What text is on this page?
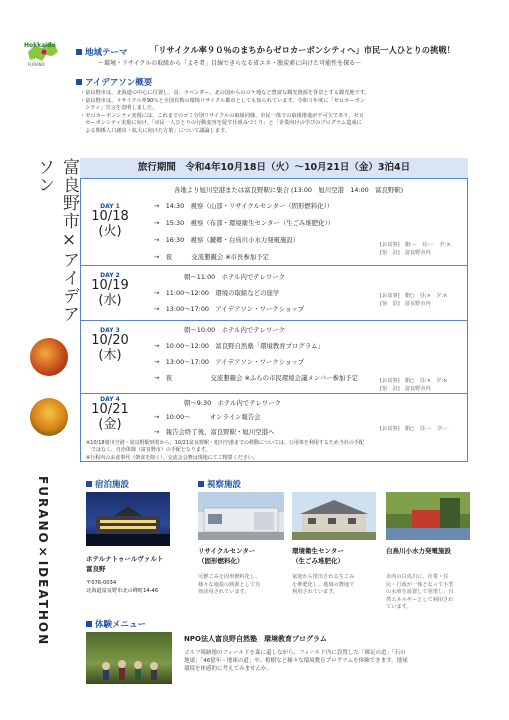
Hokkaido
FURANO
地域テーマ	「リサイクル率９０％のまちからゼロカーボンシティへ」市民一人ひとりの挑戦！
～環境・リサイクルの取組から「よそ者」目線できらなる省エネ・脱炭素に向けた可能性を探る～
アイデアソン概要
・富良野市は、北海道の中心に位置し、食、ラベンダー、北の国からのロケ地など豊富な観光資源を背景とする観光地です。
・富良野市は、リサイクル率90％と全国有数の環境リサイクル都市としても知られています。令和３年度に「ゼロカーボン
　シティ」宣言を表明しました。
・ゼロカーボンシティ実現には、これまでのゴミ分別リサイクルの取組同様、市民一体での取組推進が不可欠であり、ゼロ
　カーボンシティ実現に向け、「市民一人ひとりの行動変容を促す仕組みづくり」と「企業向けの学びのプログラム造成に
　よる関係人口創出・拡大に向けた方策」について議論します。
富良野市×アイデアソン
FURANO×IDEATHON
旅行期間　令和4年10月18日（火）～10月21日（金）3泊4日
DAY 1
10/18
(火)
各地より旭川空港または富良野駅に集合 (13:00　旭川空港　14:00　富良野駅)
→　14:30　視察（山部・リサイクルセンター（固形燃料化））
→　15:30　視察（布部・環境衛生センター（生ごみ堆肥化））
→　16:30　視察（麓郷・白鳥川小水力発電施設）
→　夜　　　交流懇親会 ※市長参加予定
[お食事]　朝:－　昼:－　夕:×
[宿　泊]　富良野市内
DAY 2
10/19
(水)
朝～11:00　ホテル内でテレワーク
→　11:00～12:00　環境の取組などの座学
→　13:00～17:00　アイデアソン・ワークショップ
[お食事]　朝○　昼:×　夕:×
[宿　泊]　富良野市内
DAY 3
10/20
(木)
朝～10:00　ホテル内でテレワーク
→　10:00～12:00　富良野自然塾「環境教育プログラム」
→　13:00～17:00　アイデアソン・ワークショップ
→　夜　　　　　　交流懇親会 ※ふらの市民環境会議メンバー参加予定	[お食事]　朝○　昼:×　夕:×
[宿　泊]　富良野市内
DAY 4
10/21
(金)
朝～9:30　ホテル内でテレワーク
→　10:00～　　　オンライン報告会
→　報告会終了後、富良野駅・旭川空港へ	[お食事]　朝○　昼:－　夕:－
※10/18旭川空港・富良野駅到着から、10/21富良野駅・旭川空港までの移動については、公用車を利用するため当社の手配
　ではなく、自治体様（富良野市）の手配となります。
※行程内のお食事代（朝食を除く）、交流会会費は現地にてご精算ください。
宿泊施設
ホテルナトゥールヴァルト
富良野
〒076-0034
北海道富良野市北の峰町14-46
視察施設
リサイクルセンター
（固形燃料化）
可燃ごみを固形燃料化し、
様々な施設の熱源として有
効活用されています。
環境衛生センター
（生ごみ堆肥化）
家庭から排出される生ごみ
を堆肥化し、地域の農地で
利用されています。
白鳥川小水力発電施設
市内の白鳥川に、企業・住
民・行政が一体となって小型
の水車を設置して発電し、自
然エネルギーとして利用され
ています。
体験メニュー
NPO法人富良野自然塾　環境教育プログラム
ゴルフ場跡地のフィールドを森に還しながら、フィールド内に設置した「裸足の道」「石の
地球」「46億年・地球の道」や、植樹など様々な環境教育プログラムを体験できます。地球
環境を体感的に考えてみませんか。
